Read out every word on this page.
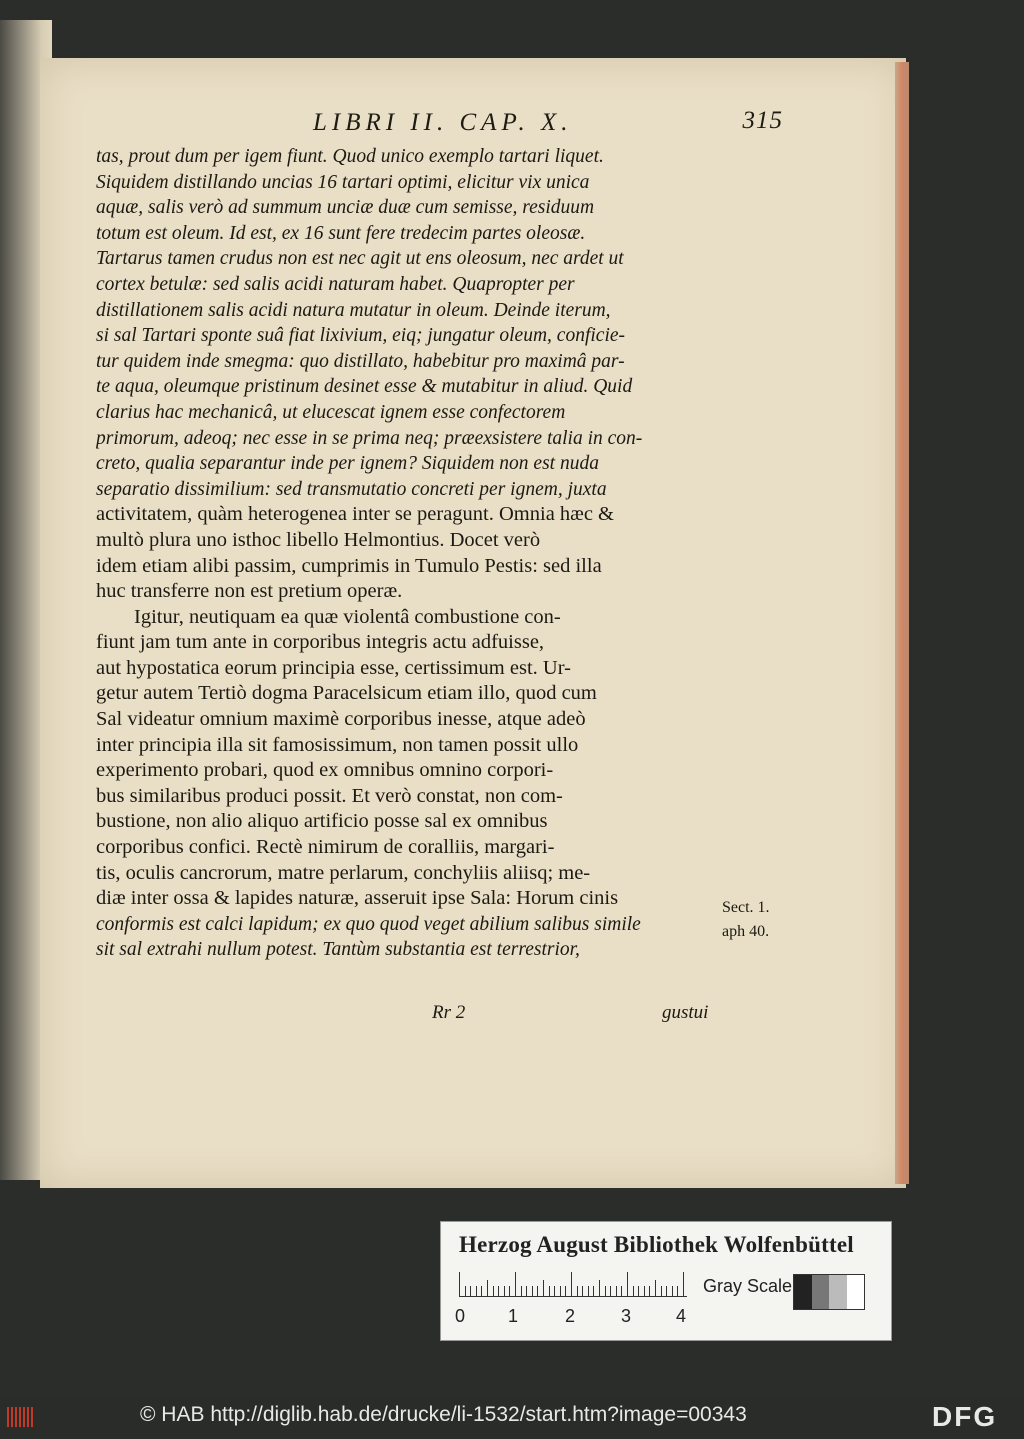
LIBRI II. CAP. X.	315
tas, prout dum per igem fiunt. Quod unico exemplo tartari liquet.
Siquidem distillando uncias 16 tartari optimi, elicitur vix unica
aquæ, salis verò ad summum unciæ duæ cum semisse, residuum
totum est oleum. Id est, ex 16 sunt fere tredecim partes oleosæ.
Tartarus tamen crudus non est nec agit ut ens oleosum, nec ardet ut
cortex betulæ: sed salis acidi naturam habet. Quapropter per
distillationem salis acidi natura mutatur in oleum. Deinde iterum,
si sal Tartari sponte suâ fiat lixivium, eiq; jungatur oleum, conficie-
tur quidem inde smegma: quo distillato, habebitur pro maximâ par-
te aqua, oleumque pristinum desinet esse & mutabitur in aliud. Quid
clarius hac mechanicâ, ut elucescat ignem esse confectorem
primorum, adeoq; nec esse in se prima neq; præexsistere talia in con-
creto, qualia separantur inde per ignem? Siquidem non est nuda
separatio dissimilium: sed transmutatio concreti per ignem, juxta
activitatem, quàm heterogenea inter se peragunt. Omnia hæc &
multò plura uno isthoc libello Helmontius. Docet verò
idem etiam alibi passim, cumprimis in Tumulo Pestis: sed illa
huc transferre non est pretium operæ.
Igitur, neutiquam ea quæ violentâ combustione con-
fiunt jam tum ante in corporibus integris actu adfuisse,
aut hypostatica eorum principia esse, certissimum est. Ur-
getur autem Tertiò dogma Paracelsicum etiam illo, quod cum
Sal videatur omnium maximè corporibus inesse, atque adeò
inter principia illa sit famosissimum, non tamen possit ullo
experimento probari, quod ex omnibus omnino corpori-
bus similaribus produci possit. Et verò constat, non com-
bustione, non alio aliquo artificio posse sal ex omnibus
corporibus confici. Rectè nimirum de coralliis, margari-
tis, oculis cancrorum, matre perlarum, conchyliis aliisq; me-
diæ inter ossa & lapides naturæ, asseruit ipse Sala: Horum cinis
conformis est calci lapidum; ex quo quod veget abilium salibus simile
sit sal extrahi nullum potest. Tantùm substantia est terrestrior,
Sect. 1.
aph 40.
Rr 2	gustui
Herzog August Bibliothek Wolfenbüttel
0 1	2	3 4
Gray Scale
© HAB http://diglib.hab.de/drucke/li-1532/start.htm?image=00343	DFG
